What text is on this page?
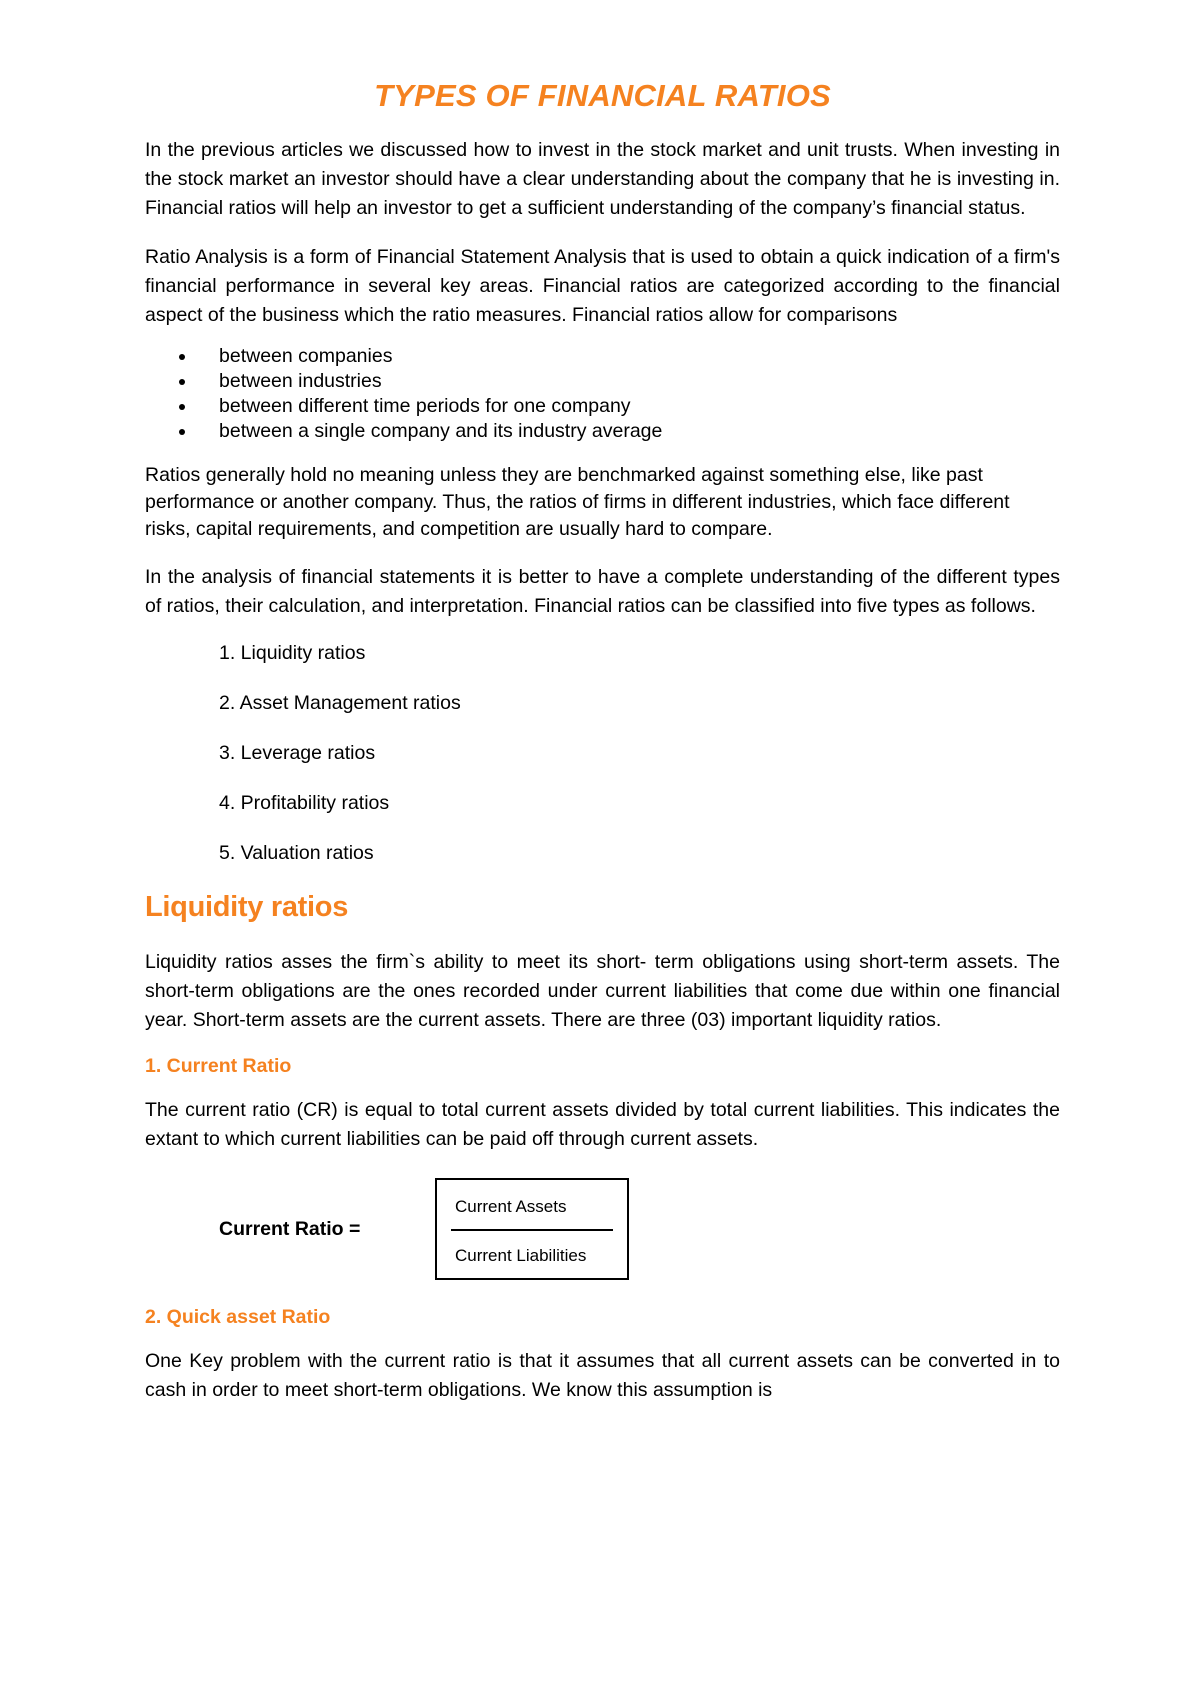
TYPES OF FINANCIAL RATIOS

In the previous articles we discussed how to invest in the stock market and unit trusts. When investing in the stock market an investor should have a clear understanding about the company that he is investing in. Financial ratios will help an investor to get a sufficient understanding of the company’s financial status.

Ratio Analysis is a form of Financial Statement Analysis that is used to obtain a quick indication of a firm's financial performance in several key areas. Financial ratios are categorized according to the financial aspect of the business which the ratio measures. Financial ratios allow for comparisons

between companies
between industries
between different time periods for one company
between a single company and its industry average

Ratios generally hold no meaning unless they are benchmarked against something else, like past performance or another company. Thus, the ratios of firms in different industries, which face different risks, capital requirements, and competition are usually hard to compare.

In the analysis of financial statements it is better to have a complete understanding of the different types of ratios, their calculation, and interpretation. Financial ratios can be classified into five types as follows.

1. Liquidity ratios
2. Asset Management ratios
3. Leverage ratios
4. Profitability ratios
5. Valuation ratios
Liquidity ratios

Liquidity ratios asses the firm`s ability to meet its short- term obligations using short-term assets. The short-term obligations are the ones recorded under current liabilities that come due within one financial year. Short-term assets are the current assets. There are three (03) important liquidity ratios.

1. Current Ratio

The current ratio (CR) is equal to total current assets divided by total current liabilities. This indicates the extant to which current liabilities can be paid off through current assets.

Current Ratio =
Current Assets
Current Liabilities
2. Quick asset Ratio

One Key problem with the current ratio is that it assumes that all current assets can be converted in to cash in order to meet short-term obligations. We know this assumption is
